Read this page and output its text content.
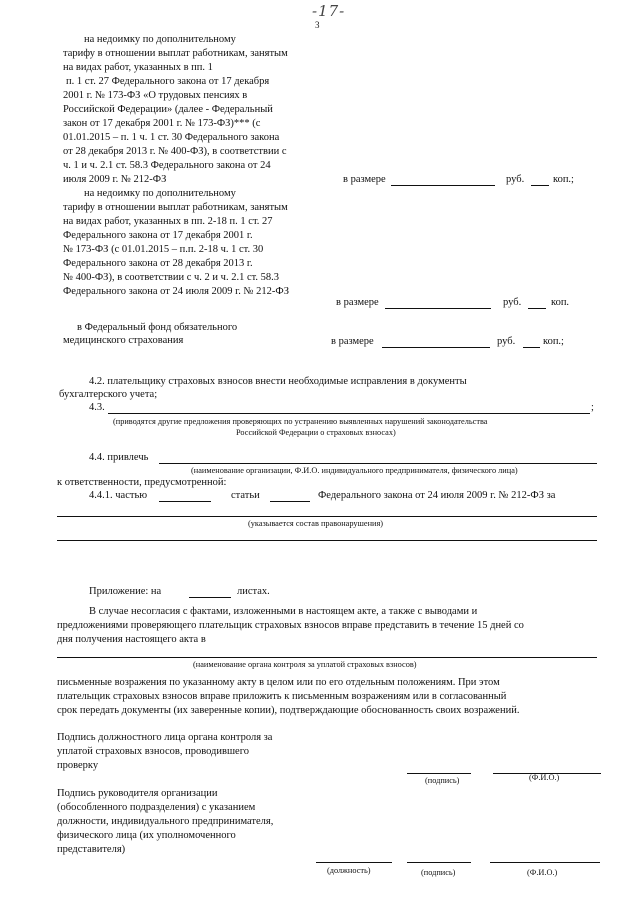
-17-
3
на недоимку по дополнительному
тарифу в отношении выплат работникам, занятым
на видах работ, указанных в пп. 1
п. 1 ст. 27 Федерального закона от 17 декабря
2001 г. № 173-ФЗ «О трудовых пенсиях в
Российской Федерации» (далее - Федеральный
закон от 17 декабря 2001 г. № 173-ФЗ)*** (с
01.01.2015 – п. 1 ч. 1 ст. 30 Федерального закона
от 28 декабря 2013 г. № 400-ФЗ), в соответствии с
ч. 1 и ч. 2.1 ст. 58.3 Федерального закона от 24
июля 2009 г. № 212-ФЗ	в размере	руб.	коп.;
на недоимку по дополнительному
тарифу в отношении выплат работникам, занятым
на видах работ, указанных в пп. 2-18 п. 1 ст. 27
Федерального закона от 17 декабря 2001 г.
№ 173-ФЗ (с 01.01.2015 – п.п. 2-18 ч. 1 ст. 30
Федерального закона от 28 декабря 2013 г.
№ 400-ФЗ), в соответствии с ч. 2 и ч. 2.1 ст. 58.3
Федерального закона от 24 июля 2009 г. № 212-ФЗ
в размере	руб.	коп.
в Федеральный фонд обязательного
медицинского страхования	в размере	руб.	коп.;
4.2. плательщику страховых взносов внести необходимые исправления в документы
бухгалтерского учета;
4.3.	;
(приводятся другие предложения проверяющих по устранению выявленных нарушений законодательства
Российской Федерации о страховых взносах)
4.4. привлечь
(наименование организации, Ф.И.О. индивидуального предпринимателя, физического лица)
к ответственности, предусмотренной:
4.4.1. частью	статьи	Федерального закона от 24 июля 2009 г. № 212-ФЗ за
(указывается состав правонарушения)
Приложение: на	листах.
В случае несогласия с фактами, изложенными в настоящем акте, а также с выводами и
предложениями проверяющего плательщик страховых взносов вправе представить в течение 15 дней со
дня получения настоящего акта в
(наименование органа контроля за уплатой страховых взносов)
письменные возражения по указанному акту в целом или по его отдельным положениям. При этом
плательщик страховых взносов вправе приложить к письменным возражениям или в согласованный
срок передать документы (их заверенные копии), подтверждающие обоснованность своих возражений.
Подпись должностного лица органа контроля за
уплатой страховых взносов, проводившего
проверку
(подпись)	(Ф.И.О.)
Подпись руководителя организации
(обособленного подразделения) с указанием
должности, индивидуального предпринимателя,
физического лица (их уполномоченного
представителя)
(должность)	(подпись)	(Ф.И.О.)
